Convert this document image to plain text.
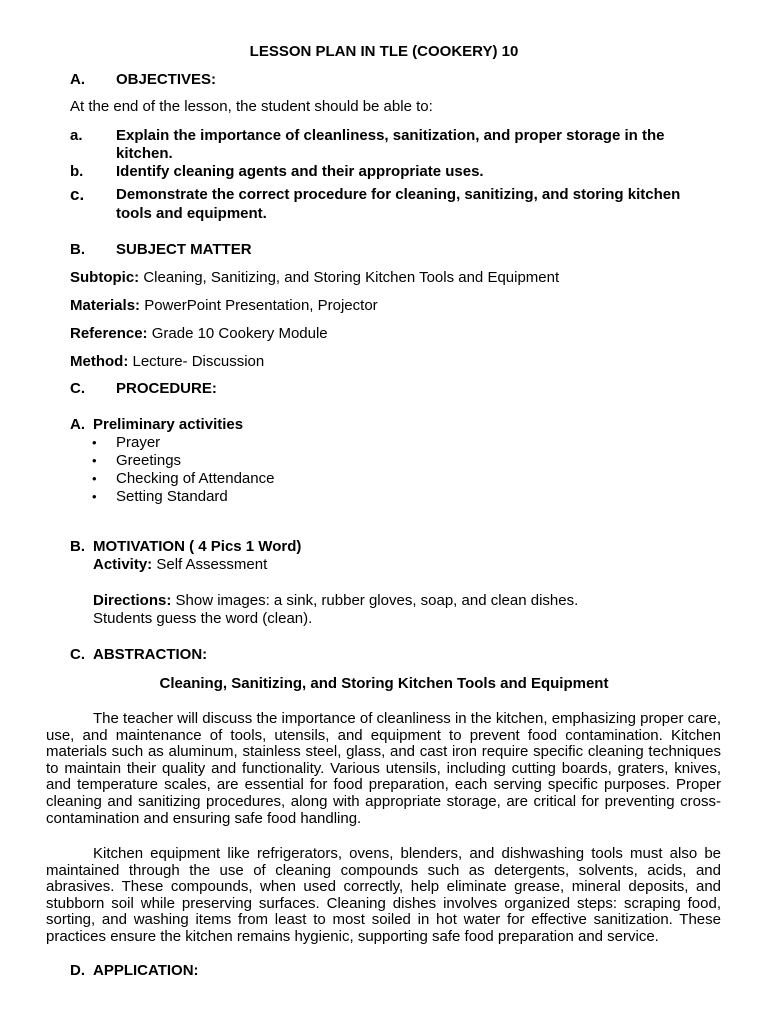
LESSON PLAN IN TLE (COOKERY) 10
A. OBJECTIVES:
At the end of the lesson, the student should be able to:
a. Explain the importance of cleanliness, sanitization, and proper storage in the
kitchen.
b. Identify cleaning agents and their appropriate uses.
c. Demonstrate the correct procedure for cleaning, sanitizing, and storing kitchen
tools and equipment.
B. SUBJECT MATTER
Subtopic: Cleaning, Sanitizing, and Storing Kitchen Tools and Equipment
Materials: PowerPoint Presentation, Projector
Reference: Grade 10 Cookery Module
Method: Lecture- Discussion
C. PROCEDURE:
A. Preliminary activities
• Prayer
• Greetings
• Checking of Attendance
• Setting Standard
B. MOTIVATION ( 4 Pics 1 Word)
Activity: Self Assessment
Directions: Show images: a sink, rubber gloves, soap, and clean dishes.
Students guess the word (clean).
C. ABSTRACTION:
Cleaning, Sanitizing, and Storing Kitchen Tools and Equipment

The teacher will discuss the importance of cleanliness in the kitchen, emphasizing proper care, use, and maintenance of tools, utensils, and equipment to prevent food contamination. Kitchen materials such as aluminum, stainless steel, glass, and cast iron require specific cleaning techniques to maintain their quality and functionality. Various utensils, including cutting boards, graters, knives, and temperature scales, are essential for food preparation, each serving specific purposes. Proper cleaning and sanitizing procedures, along with appropriate storage, are critical for preventing cross-contamination and ensuring safe food handling.

Kitchen equipment like refrigerators, ovens, blenders, and dishwashing tools must also be maintained through the use of cleaning compounds such as detergents, solvents, acids, and abrasives. These compounds, when used correctly, help eliminate grease, mineral deposits, and stubborn soil while preserving surfaces. Cleaning dishes involves organized steps: scraping food, sorting, and washing items from least to most soiled in hot water for effective sanitization. These practices ensure the kitchen remains hygienic, supporting safe food preparation and service.

D. APPLICATION:
